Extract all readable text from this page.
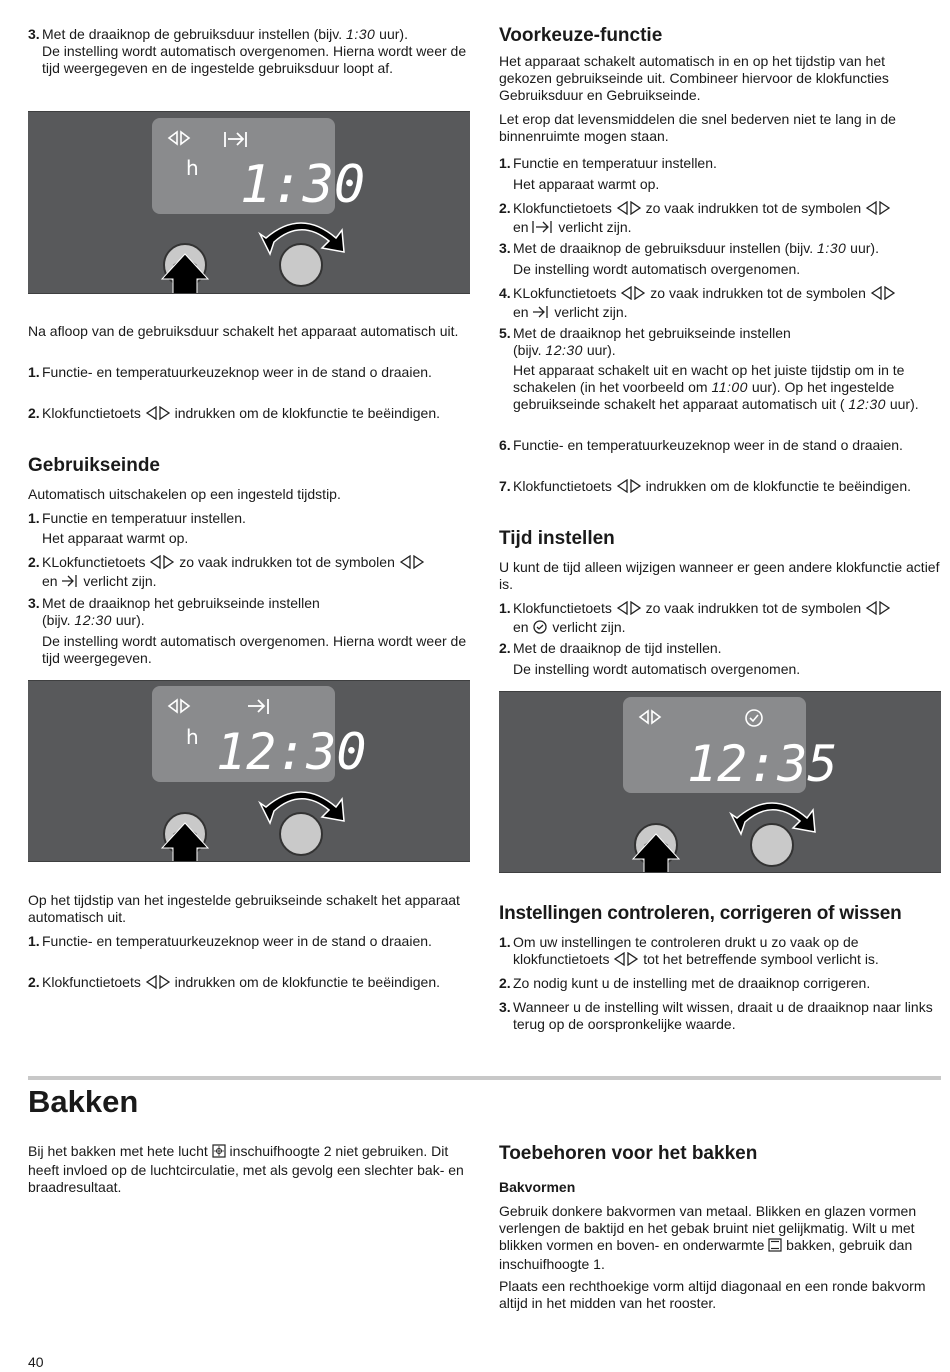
3. Met de draaiknop de gebruiksduur instellen (bijv. 1:30 uur).
De instelling wordt automatisch overgenomen. Hierna wordt weer de tijd weergegeven en de ingestelde gebruiksduur loopt af.
h 1:30
Na afloop van de gebruiksduur schakelt het apparaat automatisch uit.
1. Functie- en temperatuurkeuzeknop weer in de stand o draaien.
2. Klokfunctietoets  indrukken om de klokfunctie te beëindigen.
Gebruikseinde
Automatisch uitschakelen op een ingesteld tijdstip.
1. Functie en temperatuur instellen.
Het apparaat warmt op.
2. KLokfunctietoets  zo vaak indrukken tot de symbolen
en  verlicht zijn.
3. Met de draaiknop het gebruikseinde instellen
(bijv. 12:30 uur).
De instelling wordt automatisch overgenomen. Hierna wordt weer de tijd weergegeven.
h 12:30
Op het tijdstip van het ingestelde gebruikseinde schakelt het apparaat automatisch uit.
1. Functie- en temperatuurkeuzeknop weer in de stand o draaien.
2. Klokfunctietoets  indrukken om de klokfunctie te beëindigen.
Voorkeuze-functie
Het apparaat schakelt automatisch in en op het tijdstip van het gekozen gebruikseinde uit. Combineer hiervoor de klokfuncties Gebruiksduur en Gebruikseinde.
Let erop dat levensmiddelen die snel bederven niet te lang in de binnenruimte mogen staan.
1. Functie en temperatuur instellen.
Het apparaat warmt op.
2. Klokfunctietoets  zo vaak indrukken tot de symbolen
en  verlicht zijn.
3. Met de draaiknop de gebruiksduur instellen (bijv. 1:30 uur).
De instelling wordt automatisch overgenomen.
4. KLokfunctietoets  zo vaak indrukken tot de symbolen
en  verlicht zijn.
5. Met de draaiknop het gebruikseinde instellen
(bijv. 12:30 uur).
Het apparaat schakelt uit en wacht op het juiste tijdstip om in te schakelen (in het voorbeeld om 11:00 uur). Op het ingestelde gebruikseinde schakelt het apparaat automatisch uit ( 12:30 uur).
6. Functie- en temperatuurkeuzeknop weer in de stand o draaien.
7. Klokfunctietoets  indrukken om de klokfunctie te beëindigen.
Tijd instellen
U kunt de tijd alleen wijzigen wanneer er geen andere klokfunctie actief is.
1. Klokfunctietoets  zo vaak indrukken tot de symbolen
en  verlicht zijn.
2. Met de draaiknop de tijd instellen.
De instelling wordt automatisch overgenomen.
12:35
Instellingen controleren, corrigeren of wissen
1. Om uw instellingen te controleren drukt u zo vaak op de klokfunctietoets  tot het betreffende symbool verlicht is.
2. Zo nodig kunt u de instelling met de draaiknop corrigeren.
3. Wanneer u de instelling wilt wissen, draait u de draaiknop naar links terug op de oorspronkelijke waarde.
Bakken
Bij het bakken met hete lucht  inschuifhoogte 2 niet gebruiken. Dit heeft invloed op de luchtcirculatie, met als gevolg een slechter bak- en braadresultaat.
Toebehoren voor het bakken
Bakvormen
Gebruik donkere bakvormen van metaal. Blikken en glazen vormen verlengen de baktijd en het gebak bruint niet gelijkmatig. Wilt u met blikken vormen en boven- en onderwarmte  bakken, gebruik dan inschuifhoogte 1.
Plaats een rechthoekige vorm altijd diagonaal en een ronde bakvorm altijd in het midden van het rooster.
40
